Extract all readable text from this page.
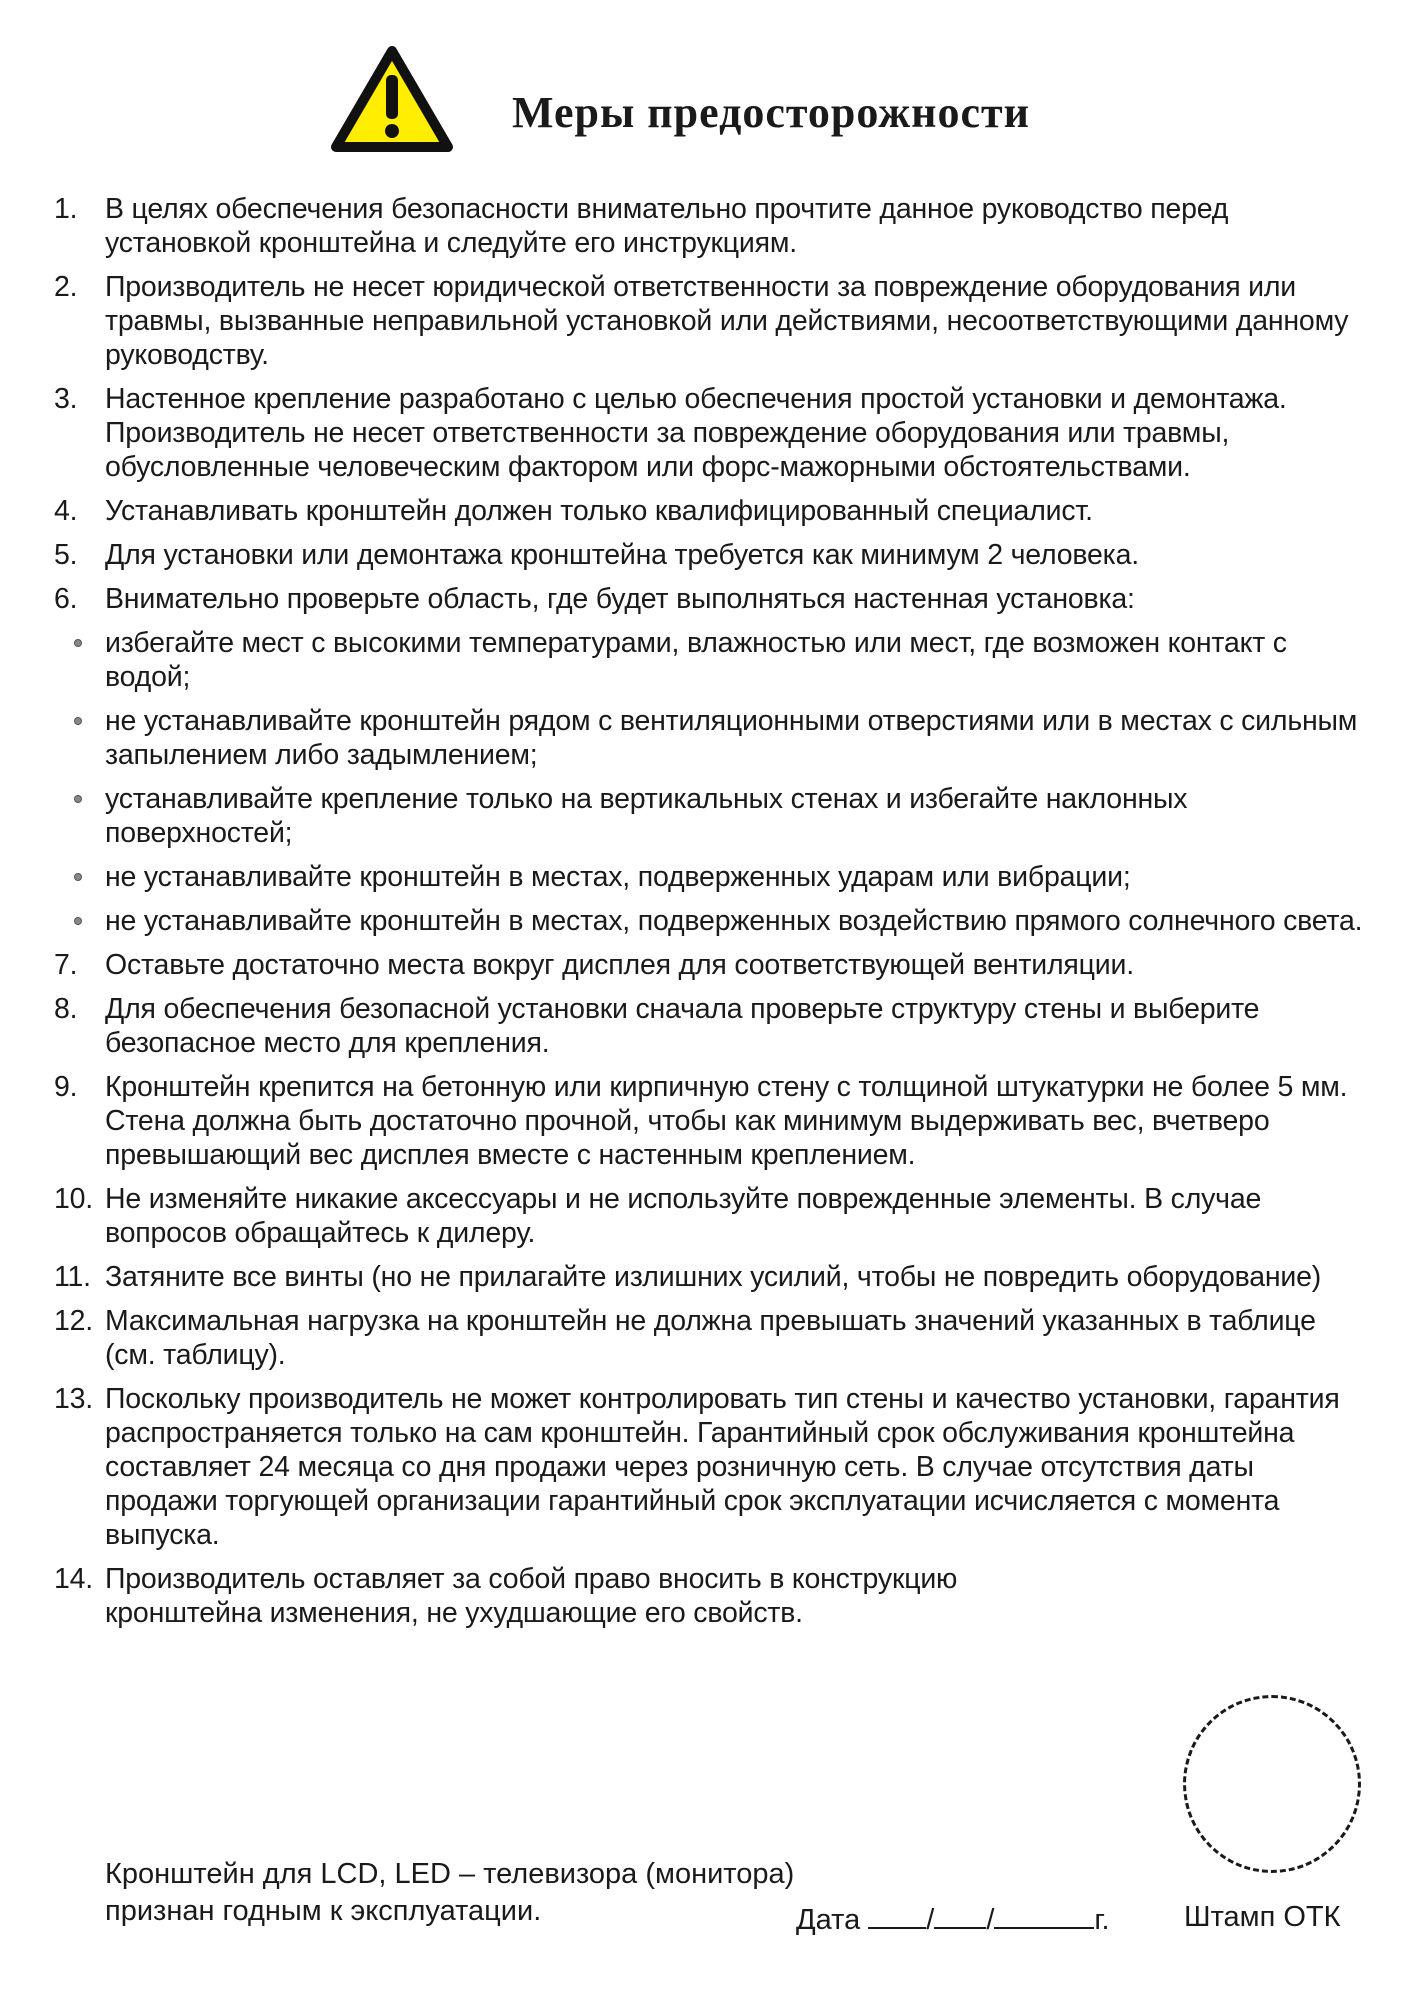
Меры предосторожности
1. В целях обеспечения безопасности внимательно прочтите данное руководство перед установкой кронштейна и следуйте его инструкциям.
2. Производитель не несет юридической ответственности за повреждение оборудования или травмы, вызванные неправильной установкой или действиями, несоответствующими данному руководству.
3. Настенное крепление разработано с целью обеспечения простой установки и демонтажа. Производитель не несет ответственности за повреждение оборудования или травмы, обусловленные человеческим фактором или форс-мажорными обстоятельствами.
4. Устанавливать кронштейн должен только квалифицированный специалист.
5. Для установки или демонтажа кронштейна требуется как минимум 2 человека.
6. Внимательно проверьте область, где будет выполняться настенная установка:
избегайте мест с высокими температурами, влажностью или мест, где возможен контакт с водой;
не устанавливайте кронштейн рядом с вентиляционными отверстиями или в местах с сильным запылением либо задымлением;
устанавливайте крепление только на вертикальных стенах и избегайте наклонных поверхностей;
не устанавливайте кронштейн в местах, подверженных ударам или вибрации;
не устанавливайте кронштейн в местах, подверженных воздействию прямого солнечного света.
7. Оставьте достаточно места вокруг дисплея для соответствующей вентиляции.
8. Для обеспечения безопасной установки сначала проверьте структуру стены и выберите безопасное место для крепления.
9. Кронштейн крепится на бетонную или кирпичную стену с толщиной штукатурки не более 5 мм. Стена должна быть достаточно прочной, чтобы как минимум выдерживать вес, вчетверо превышающий вес дисплея вместе с настенным креплением.
10. Не изменяйте никакие аксессуары и не используйте поврежденные элементы. В случае вопросов обращайтесь к дилеру.
11. Затяните все винты (но не прилагайте излишних усилий, чтобы не повредить оборудование)
12. Максимальная нагрузка на кронштейн не должна превышать значений указанных в таблице (см. таблицу).
13. Поскольку производитель не может контролировать тип стены и качество установки, гарантия распространяется только на сам кронштейн. Гарантийный срок обслуживания кронштейна составляет 24 месяца со дня продажи через розничную сеть. В случае отсутствия даты продажи торгующей организации гарантийный срок эксплуатации исчисляется с момента выпуска.
14. Производитель оставляет за собой право вносить в конструкцию кронштейна изменения, не ухудшающие его свойств.
Кронштейн для LCD, LED – телевизора (монитора)
признан годным к эксплуатации.	Дата / /	г.	Штамп ОТК
